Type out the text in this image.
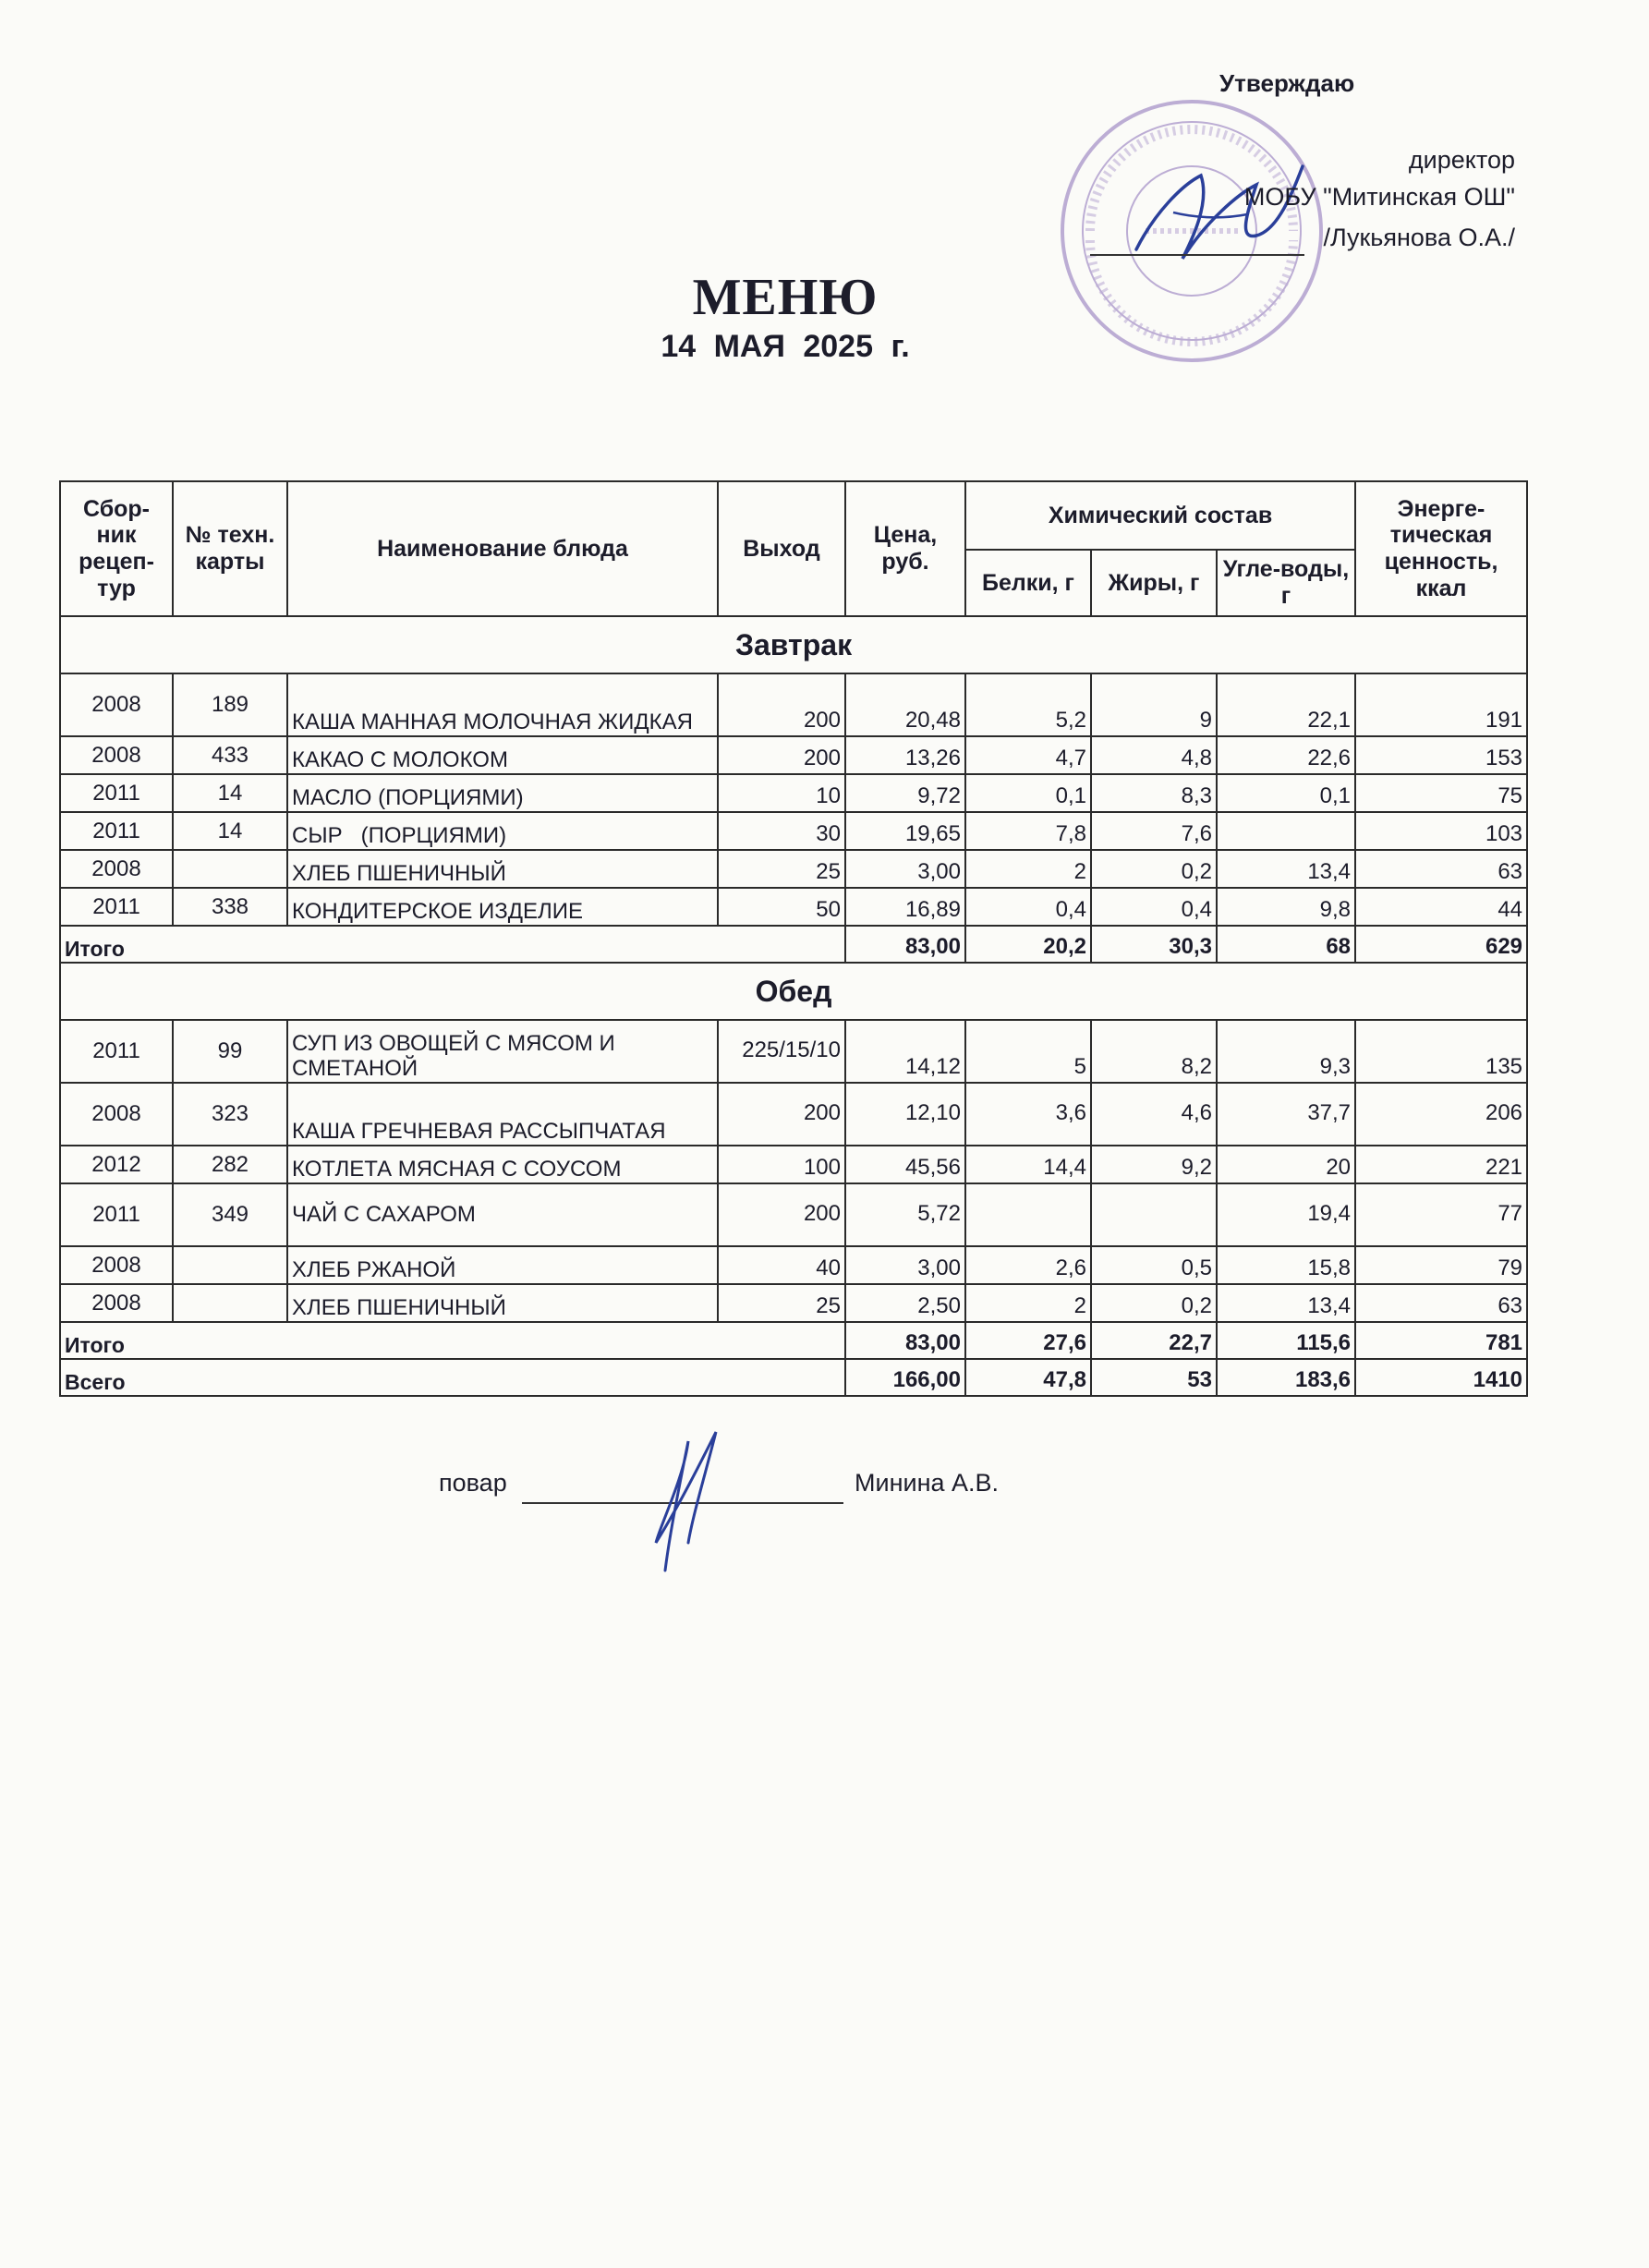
Утверждаю
директор
МОБУ "Митинская ОШ"
/Лукьянова О.А./
МЕНЮ
14 МАЯ 2025 г.
Сбор-ник рецеп-тур	№ техн. карты	Наименование блюда	Выход	Цена, руб.	Химический состав			Энерге-тическая ценность, ккал
					Белки, г	Жиры, г	Угле-воды, г	
Завтрак								
2008	189	КАША МАННАЯ МОЛОЧНАЯ ЖИДКАЯ	200	20,48	5,2	9	22,1	191
2008	433	КАКАО С МОЛОКОМ	200	13,26	4,7	4,8	22,6	153
2011	14	МАСЛО (ПОРЦИЯМИ)	10	9,72	0,1	8,3	0,1	75
2011	14	СЫР   (ПОРЦИЯМИ)	30	19,65	7,8	7,6		103
2008		ХЛЕБ ПШЕНИЧНЫЙ	25	3,00	2	0,2	13,4	63
2011	338	КОНДИТЕРСКОЕ ИЗДЕЛИЕ	50	16,89	0,4	0,4	9,8	44
Итого				83,00	20,2	30,3	68	629
Обед								
2011	99	СУП ИЗ ОВОЩЕЙ С МЯСОМ И СМЕТАНОЙ	225/15/10	14,12	5	8,2	9,3	135
2008	323	КАША ГРЕЧНЕВАЯ РАССЫПЧАТАЯ	200	12,10	3,6	4,6	37,7	206
2012	282	КОТЛЕТА МЯСНАЯ С СОУСОМ	100	45,56	14,4	9,2	20	221
2011	349	ЧАЙ С САХАРОМ	200	5,72			19,4	77
2008		ХЛЕБ РЖАНОЙ	40	3,00	2,6	0,5	15,8	79
2008		ХЛЕБ ПШЕНИЧНЫЙ	25	2,50	2	0,2	13,4	63
Итого				83,00	27,6	22,7	115,6	781
Всего				166,00	47,8	53	183,6	1410
повар	Минина А.В.
